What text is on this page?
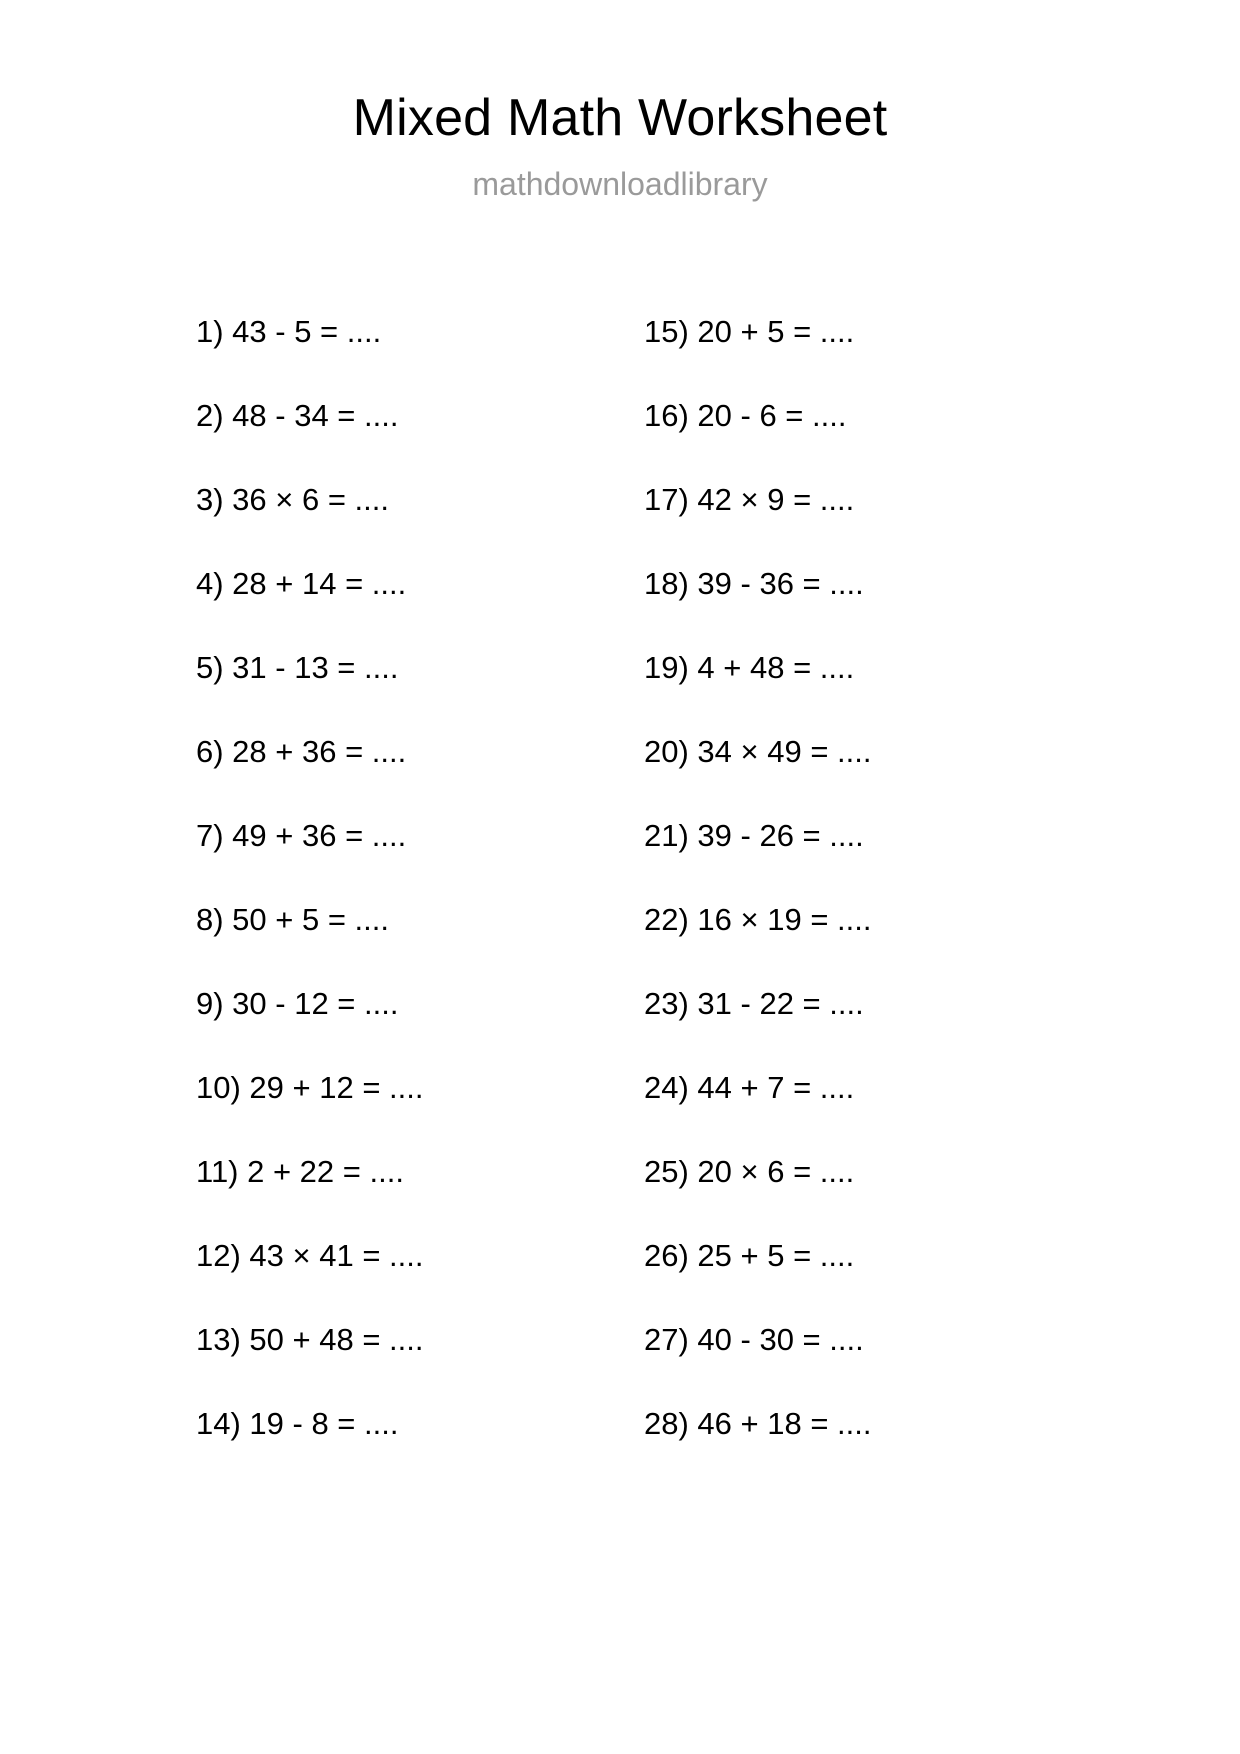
Mixed Math Worksheet
mathdownloadlibrary
1) 43 - 5 = ....
2) 48 - 34 = ....
3) 36 × 6 = ....
4) 28 + 14 = ....
5) 31 - 13 = ....
6) 28 + 36 = ....
7) 49 + 36 = ....
8) 50 + 5 = ....
9) 30 - 12 = ....
10) 29 + 12 = ....
11) 2 + 22 = ....
12) 43 × 41 = ....
13) 50 + 48 = ....
14) 19 - 8 = ....
15) 20 + 5 = ....
16) 20 - 6 = ....
17) 42 × 9 = ....
18) 39 - 36 = ....
19) 4 + 48 = ....
20) 34 × 49 = ....
21) 39 - 26 = ....
22) 16 × 19 = ....
23) 31 - 22 = ....
24) 44 + 7 = ....
25) 20 × 6 = ....
26) 25 + 5 = ....
27) 40 - 30 = ....
28) 46 + 18 = ....
